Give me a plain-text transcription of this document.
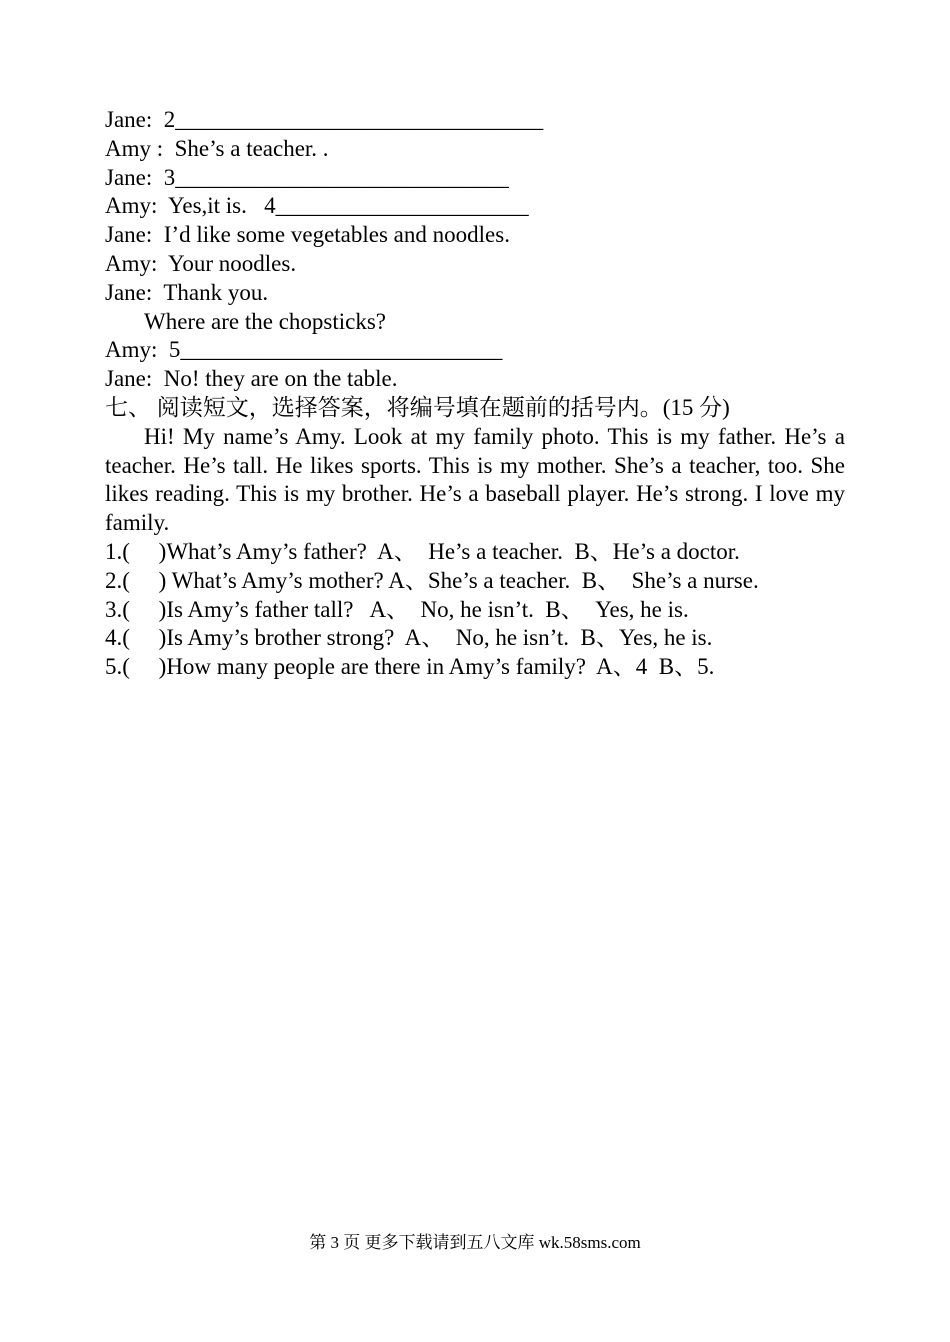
Jane: 2________________________________
Amy : She’s a teacher. .
Jane: 3_____________________________
Amy: Yes,it is.   4______________________
Jane: I’d like some vegetables and noodles.
Amy: Your noodles.
Jane: Thank you.
Where are the chopsticks?
Amy: 5____________________________
Jane: No! they are on the table.
七、 阅读短文，选择答案，将编号填在题前的括号内。(15 分)
Hi! My name’s Amy. Look at my family photo. This is my father. He’s a teacher. He’s tall. He likes sports. This is my mother. She’s a teacher, too. She likes reading. This is my brother. He’s a baseball player. He’s strong. I love my family.
1.(     )What’s Amy’s father?  A、  He’s a teacher.  B、He’s a doctor.
2.(     ) What’s Amy’s mother? A、She’s a teacher.  B、  She’s a nurse.
3.(     )Is Amy’s father tall?   A、  No, he isn’t.  B、  Yes, he is.
4.(     )Is Amy’s brother strong?  A、  No, he isn’t.  B、Yes, he is.
5.(     )How many people are there in Amy’s family?  A、4  B、5.
第 3 页 更多下载请到五八文库 wk.58sms.com
